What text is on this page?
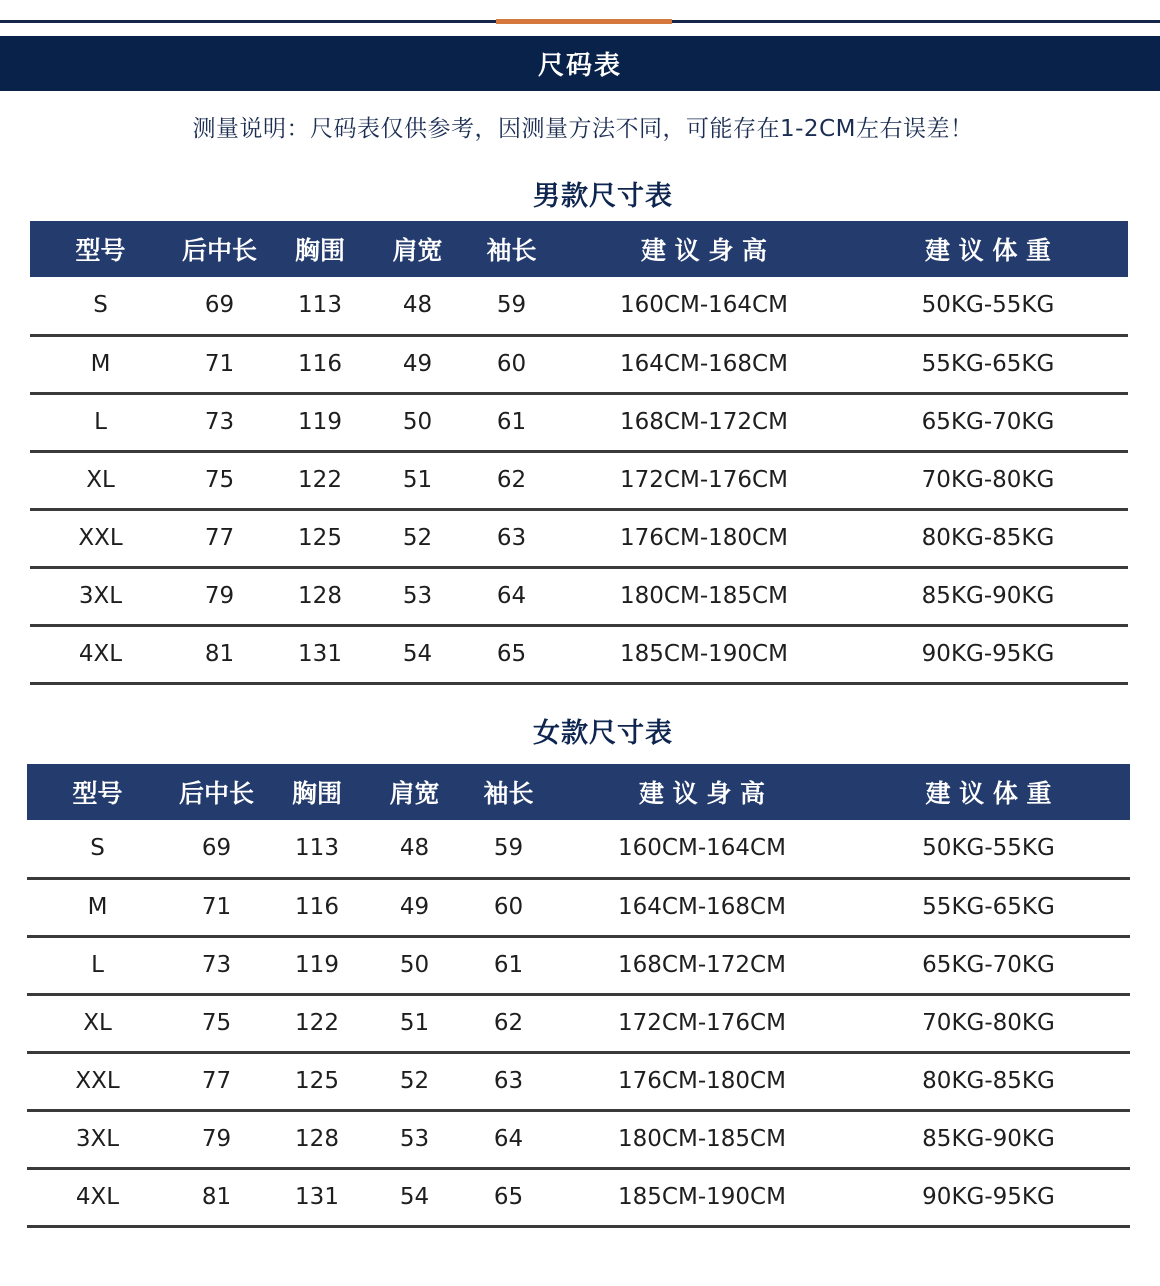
尺码表
测量说明：尺码表仅供参考，因测量方法不同，可能存在1-2CM左右误差！
男款尺寸表
型号	后中长	胸围	肩宽	袖长	建 议 身 高	建 议 体 重
S	69	113	48	59	160CM-164CM	50KG-55KG
M	71	116	49	60	164CM-168CM	55KG-65KG
L	73	119	50	61	168CM-172CM	65KG-70KG
XL	75	122	51	62	172CM-176CM	70KG-80KG
XXL	77	125	52	63	176CM-180CM	80KG-85KG
3XL	79	128	53	64	180CM-185CM	85KG-90KG
4XL	81	131	54	65	185CM-190CM	90KG-95KG
女款尺寸表
型号	后中长	胸围	肩宽	袖长	建 议 身 高	建 议 体 重
S	69	113	48	59	160CM-164CM	50KG-55KG
M	71	116	49	60	164CM-168CM	55KG-65KG
L	73	119	50	61	168CM-172CM	65KG-70KG
XL	75	122	51	62	172CM-176CM	70KG-80KG
XXL	77	125	52	63	176CM-180CM	80KG-85KG
3XL	79	128	53	64	180CM-185CM	85KG-90KG
4XL	81	131	54	65	185CM-190CM	90KG-95KG
